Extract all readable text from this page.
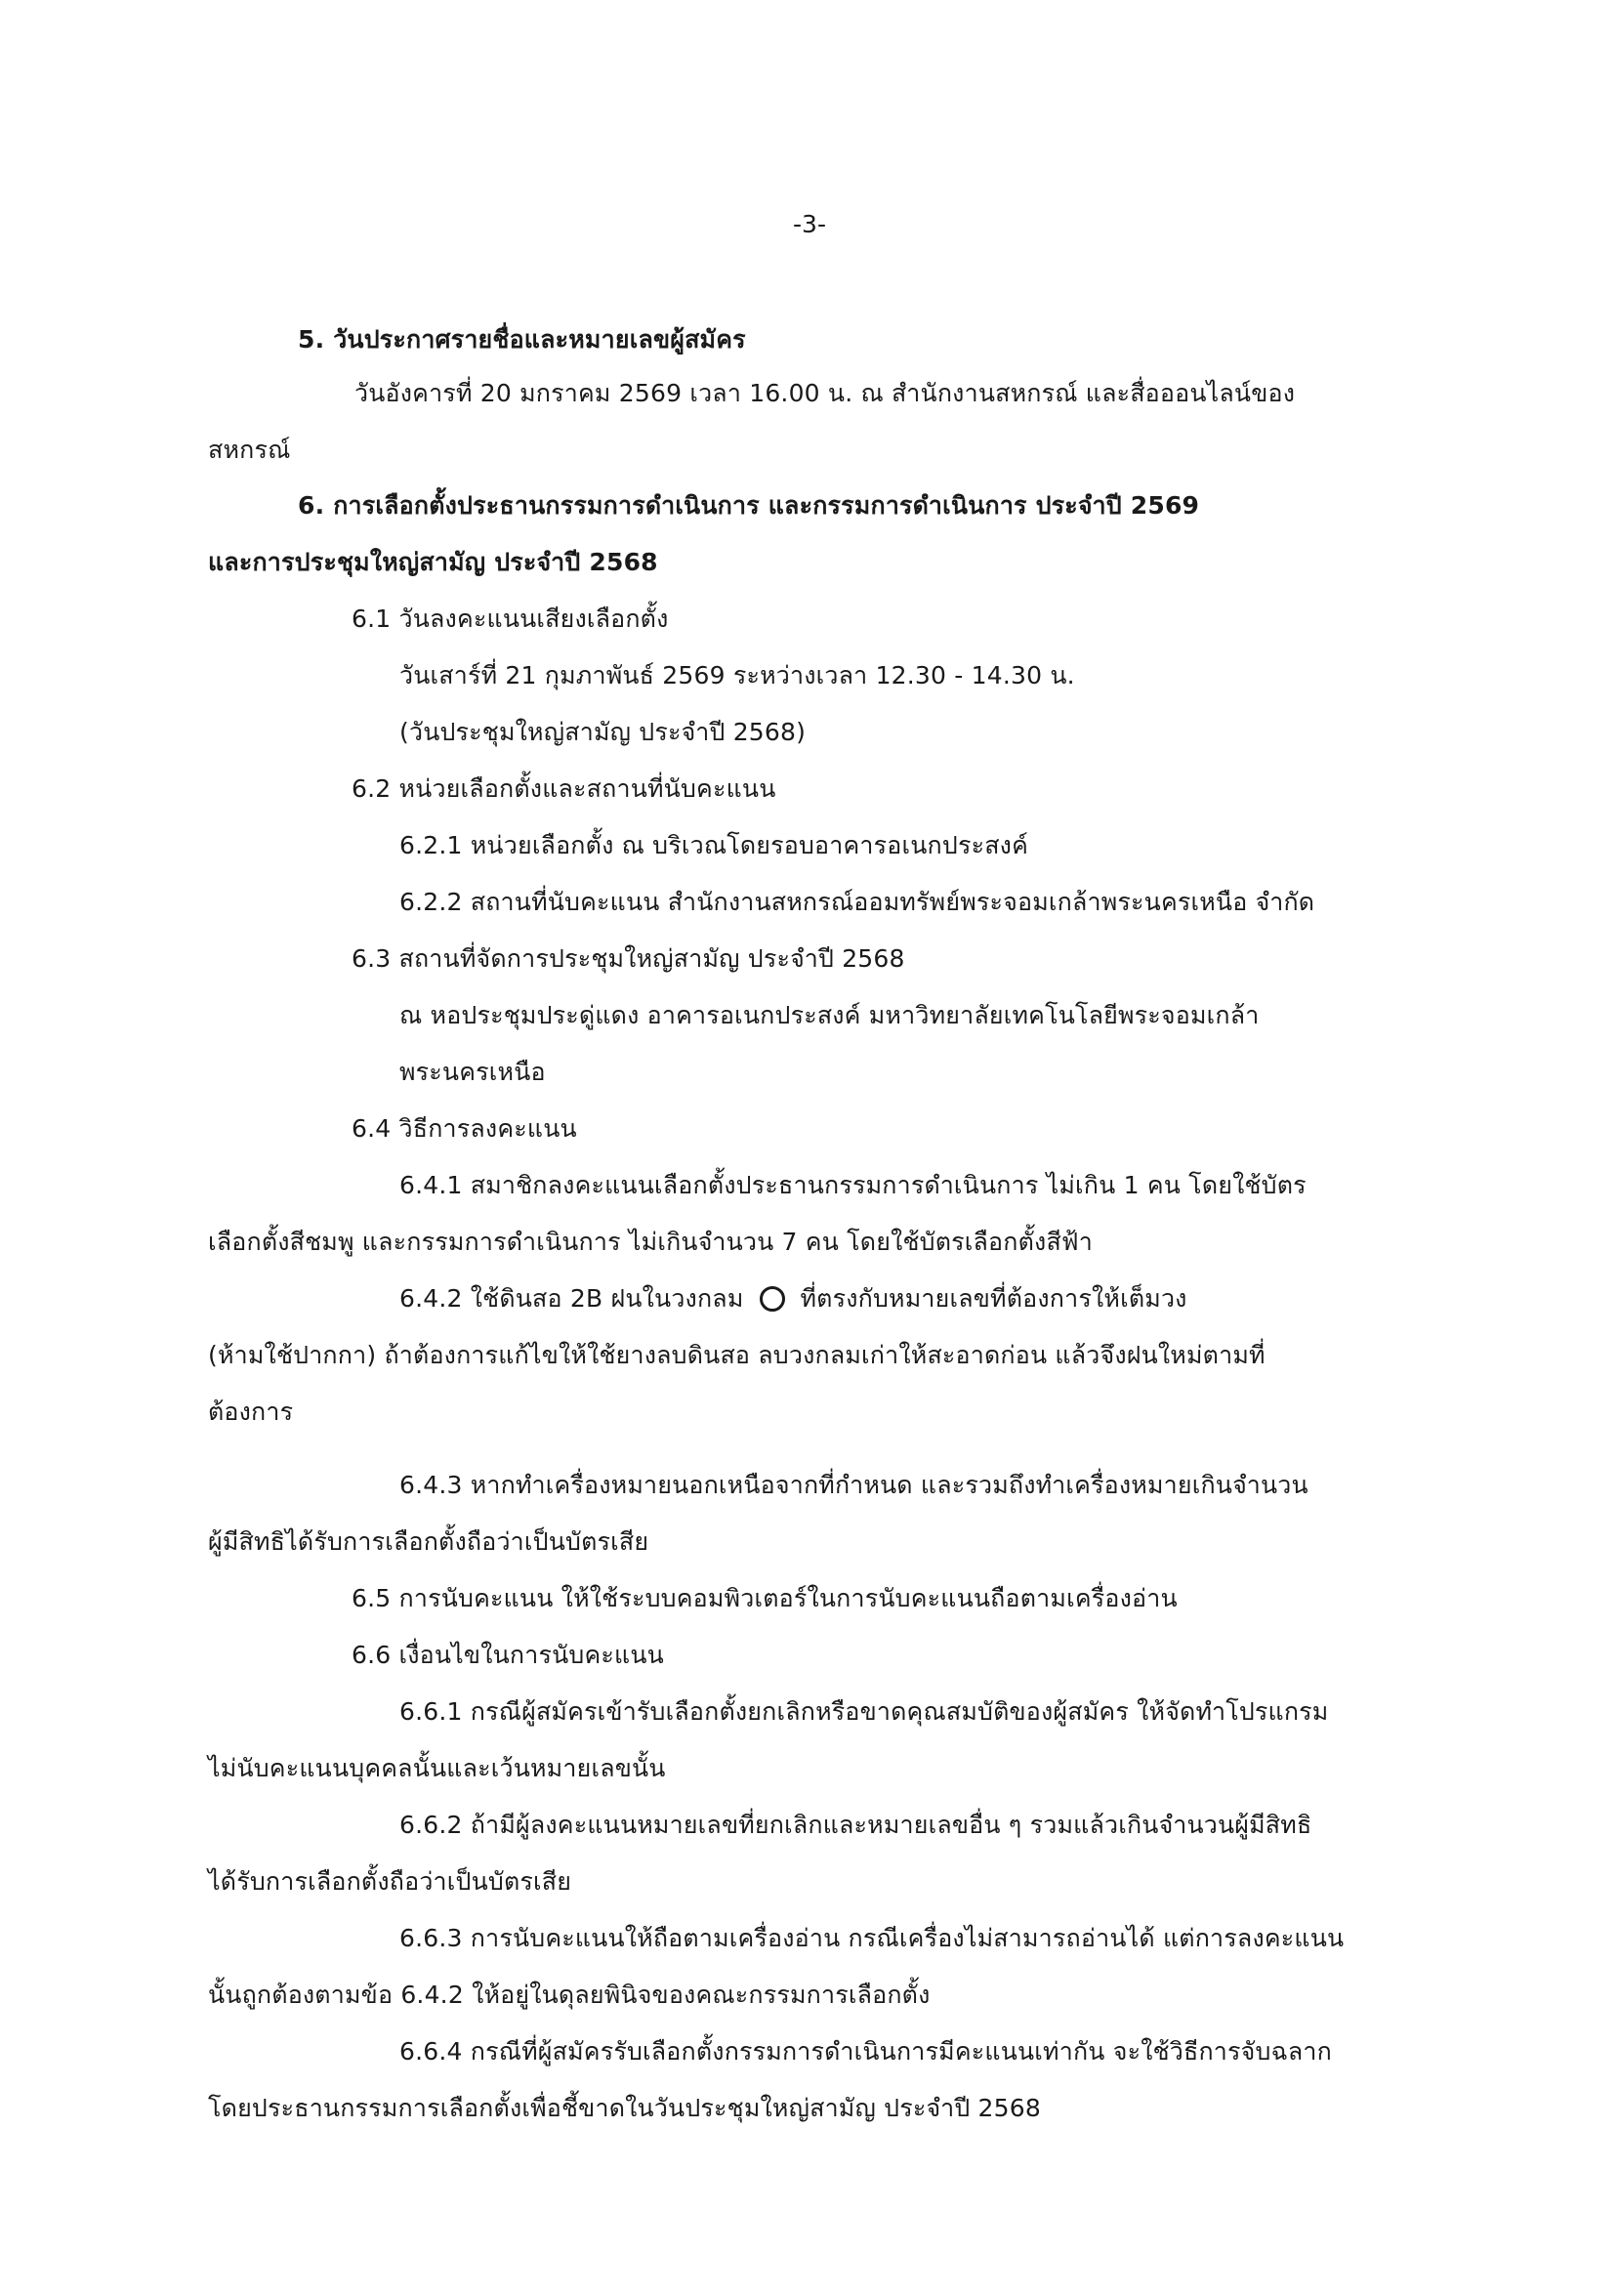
-3-
5. วันประกาศรายชื่อและหมายเลขผู้สมัคร
วันอังคารที่ 20 มกราคม 2569 เวลา 16.00 น. ณ สำนักงานสหกรณ์ และสื่อออนไลน์ของ
สหกรณ์
6. การเลือกตั้งประธานกรรมการดำเนินการ และกรรมการดำเนินการ ประจำปี 2569
และการประชุมใหญ่สามัญ ประจำปี 2568
6.1 วันลงคะแนนเสียงเลือกตั้ง
วันเสาร์ที่ 21 กุมภาพันธ์ 2569 ระหว่างเวลา 12.30 - 14.30 น.
(วันประชุมใหญ่สามัญ ประจำปี 2568)
6.2 หน่วยเลือกตั้งและสถานที่นับคะแนน
6.2.1 หน่วยเลือกตั้ง ณ บริเวณโดยรอบอาคารอเนกประสงค์
6.2.2 สถานที่นับคะแนน สำนักงานสหกรณ์ออมทรัพย์พระจอมเกล้าพระนครเหนือ จำกัด
6.3 สถานที่จัดการประชุมใหญ่สามัญ ประจำปี 2568
ณ หอประชุมประดู่แดง อาคารอเนกประสงค์ มหาวิทยาลัยเทคโนโลยีพระจอมเกล้า
พระนครเหนือ
6.4 วิธีการลงคะแนน
6.4.1 สมาชิกลงคะแนนเลือกตั้งประธานกรรมการดำเนินการ ไม่เกิน 1 คน โดยใช้บัตร
เลือกตั้งสีชมพู และกรรมการดำเนินการ ไม่เกินจำนวน 7 คน โดยใช้บัตรเลือกตั้งสีฟ้า
6.4.2 ใช้ดินสอ 2B ฝนในวงกลม ที่ตรงกับหมายเลขที่ต้องการให้เต็มวง
(ห้ามใช้ปากกา) ถ้าต้องการแก้ไขให้ใช้ยางลบดินสอ ลบวงกลมเก่าให้สะอาดก่อน แล้วจึงฝนใหม่ตามที่
ต้องการ
6.4.3 หากทำเครื่องหมายนอกเหนือจากที่กำหนด และรวมถึงทำเครื่องหมายเกินจำนวน
ผู้มีสิทธิได้รับการเลือกตั้งถือว่าเป็นบัตรเสีย
6.5 การนับคะแนน ให้ใช้ระบบคอมพิวเตอร์ในการนับคะแนนถือตามเครื่องอ่าน
6.6 เงื่อนไขในการนับคะแนน
6.6.1 กรณีผู้สมัครเข้ารับเลือกตั้งยกเลิกหรือขาดคุณสมบัติของผู้สมัคร ให้จัดทำโปรแกรม
ไม่นับคะแนนบุคคลนั้นและเว้นหมายเลขนั้น
6.6.2 ถ้ามีผู้ลงคะแนนหมายเลขที่ยกเลิกและหมายเลขอื่น ๆ รวมแล้วเกินจำนวนผู้มีสิทธิ
ได้รับการเลือกตั้งถือว่าเป็นบัตรเสีย
6.6.3 การนับคะแนนให้ถือตามเครื่องอ่าน กรณีเครื่องไม่สามารถอ่านได้ แต่การลงคะแนน
นั้นถูกต้องตามข้อ 6.4.2 ให้อยู่ในดุลยพินิจของคณะกรรมการเลือกตั้ง
6.6.4 กรณีที่ผู้สมัครรับเลือกตั้งกรรมการดำเนินการมีคะแนนเท่ากัน จะใช้วิธีการจับฉลาก
โดยประธานกรรมการเลือกตั้งเพื่อชี้ขาดในวันประชุมใหญ่สามัญ ประจำปี 2568
